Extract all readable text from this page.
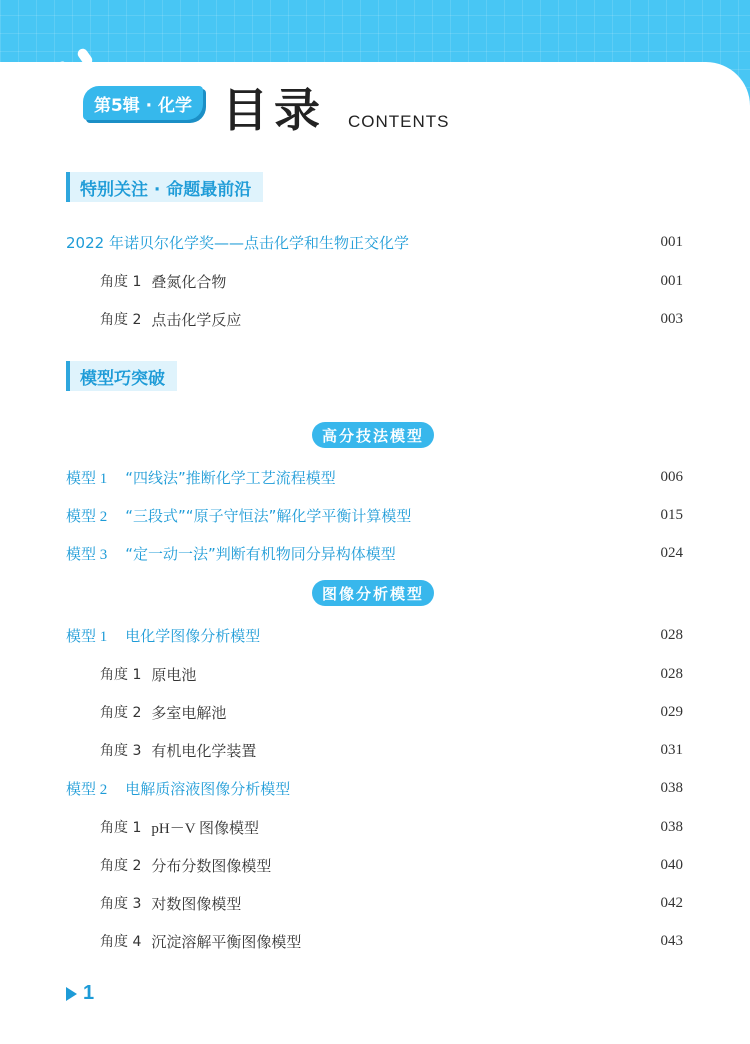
第5辑 · 化学 目录 CONTENTS
特别关注 · 命题最前沿
2022 年诺贝尔化学奖——点击化学和生物正交化学	001
角度 1 叠氮化合物	001
角度 2 点击化学反应	003
模型巧突破
高分技法模型
模型 1 “四线法”推断化学工艺流程模型	006
模型 2 “三段式”“原子守恒法”解化学平衡计算模型	015
模型 3 “定一动一法”判断有机物同分异构体模型	024
图像分析模型
模型 1 电化学图像分析模型	028
角度 1 原电池	028
角度 2 多室电解池	029
角度 3 有机电化学装置	031
模型 2 电解质溶液图像分析模型	038
角度 1 pH－V 图像模型	038
角度 2 分布分数图像模型	040
角度 3 对数图像模型	042
角度 4 沉淀溶解平衡图像模型	043
1
